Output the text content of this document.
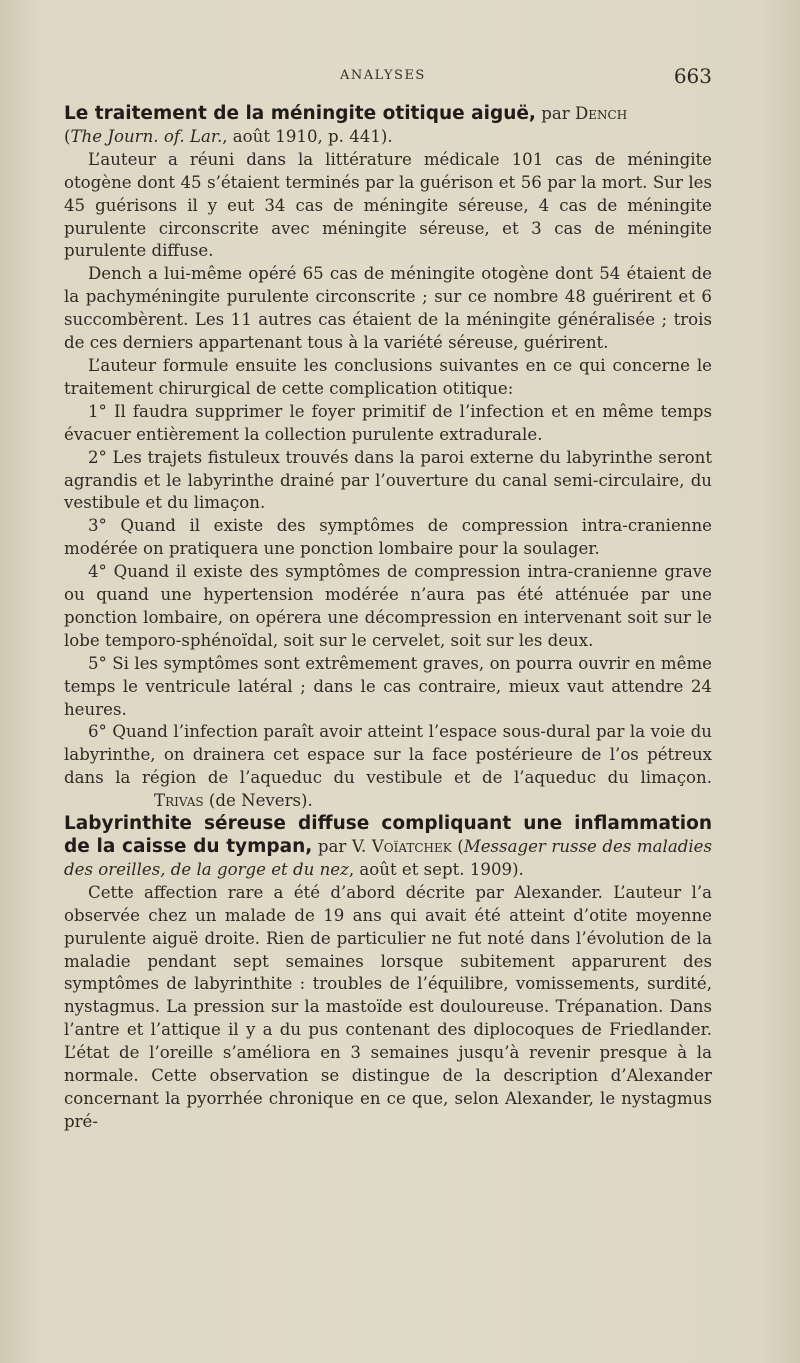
ANALYSES	663

Le traitement de la méningite otitique aiguë, par Dench
(The Journ. of. Lar., août 1910, p. 441).

L’auteur a réuni dans la littérature médicale 101 cas de méningite otogène dont 45 s’étaient terminés par la guérison et 56 par la mort. Sur les 45 guérisons il y eut 34 cas de méningite séreuse, 4 cas de méningite purulente circonscrite avec méningite séreuse, et 3 cas de méningite purulente diffuse.

Dench a lui-même opéré 65 cas de méningite otogène dont 54 étaient de la pachyméningite purulente circonscrite ; sur ce nombre 48 guérirent et 6 succombèrent. Les 11 autres cas étaient de la méningite généralisée ; trois de ces derniers appartenant tous à la variété séreuse, guérirent.

L’auteur formule ensuite les conclusions suivantes en ce qui concerne le traitement chirurgical de cette complication otitique:

1° Il faudra supprimer le foyer primitif de l’infection et en même temps évacuer entièrement la collection purulente extradurale.

2° Les trajets fistuleux trouvés dans la paroi externe du labyrinthe seront agrandis et le labyrinthe drainé par l’ouverture du canal semi-circulaire, du vestibule et du limaçon.

3° Quand il existe des symptômes de compression intra-cranienne modérée on pratiquera une ponction lombaire pour la soulager.

4° Quand il existe des symptômes de compression intra-cranienne grave ou quand une hypertension modérée n’aura pas été atténuée par une ponction lombaire, on opérera une décompression en intervenant soit sur le lobe temporo-sphénoïdal, soit sur le cervelet, soit sur les deux.

5° Si les symptômes sont extrêmement graves, on pourra ouvrir en même temps le ventricule latéral ; dans le cas contraire, mieux vaut attendre 24 heures.

6° Quand l’infection paraît avoir atteint l’espace sous-dural par la voie du labyrinthe, on drainera cet espace sur la face postérieure de l’os pétreux dans la région de l’aqueduc du vestibule et de l’aqueduc du limaçon. Trivas (de Nevers).

Labyrinthite séreuse diffuse compliquant une inflammation de la caisse du tympan, par V. Voïatchek (Messager russe des maladies des oreilles, de la gorge et du nez, août et sept. 1909).

Cette affection rare a été d’abord décrite par Alexander. L’auteur l’a observée chez un malade de 19 ans qui avait été atteint d’otite moyenne purulente aiguë droite. Rien de particulier ne fut noté dans l’évolution de la maladie pendant sept semaines lorsque subitement apparurent des symptômes de labyrinthite : troubles de l’équilibre, vomissements, surdité, nystagmus. La pression sur la mastoïde est douloureuse. Trépanation. Dans l’antre et l’attique il y a du pus contenant des diplocoques de Friedlander. L’état de l’oreille s’améliora en 3 semaines jusqu’à revenir presque à la normale. Cette observation se distingue de la description d’Alexander concernant la pyorrhée chronique en ce que, selon Alexander, le nystagmus pré-
